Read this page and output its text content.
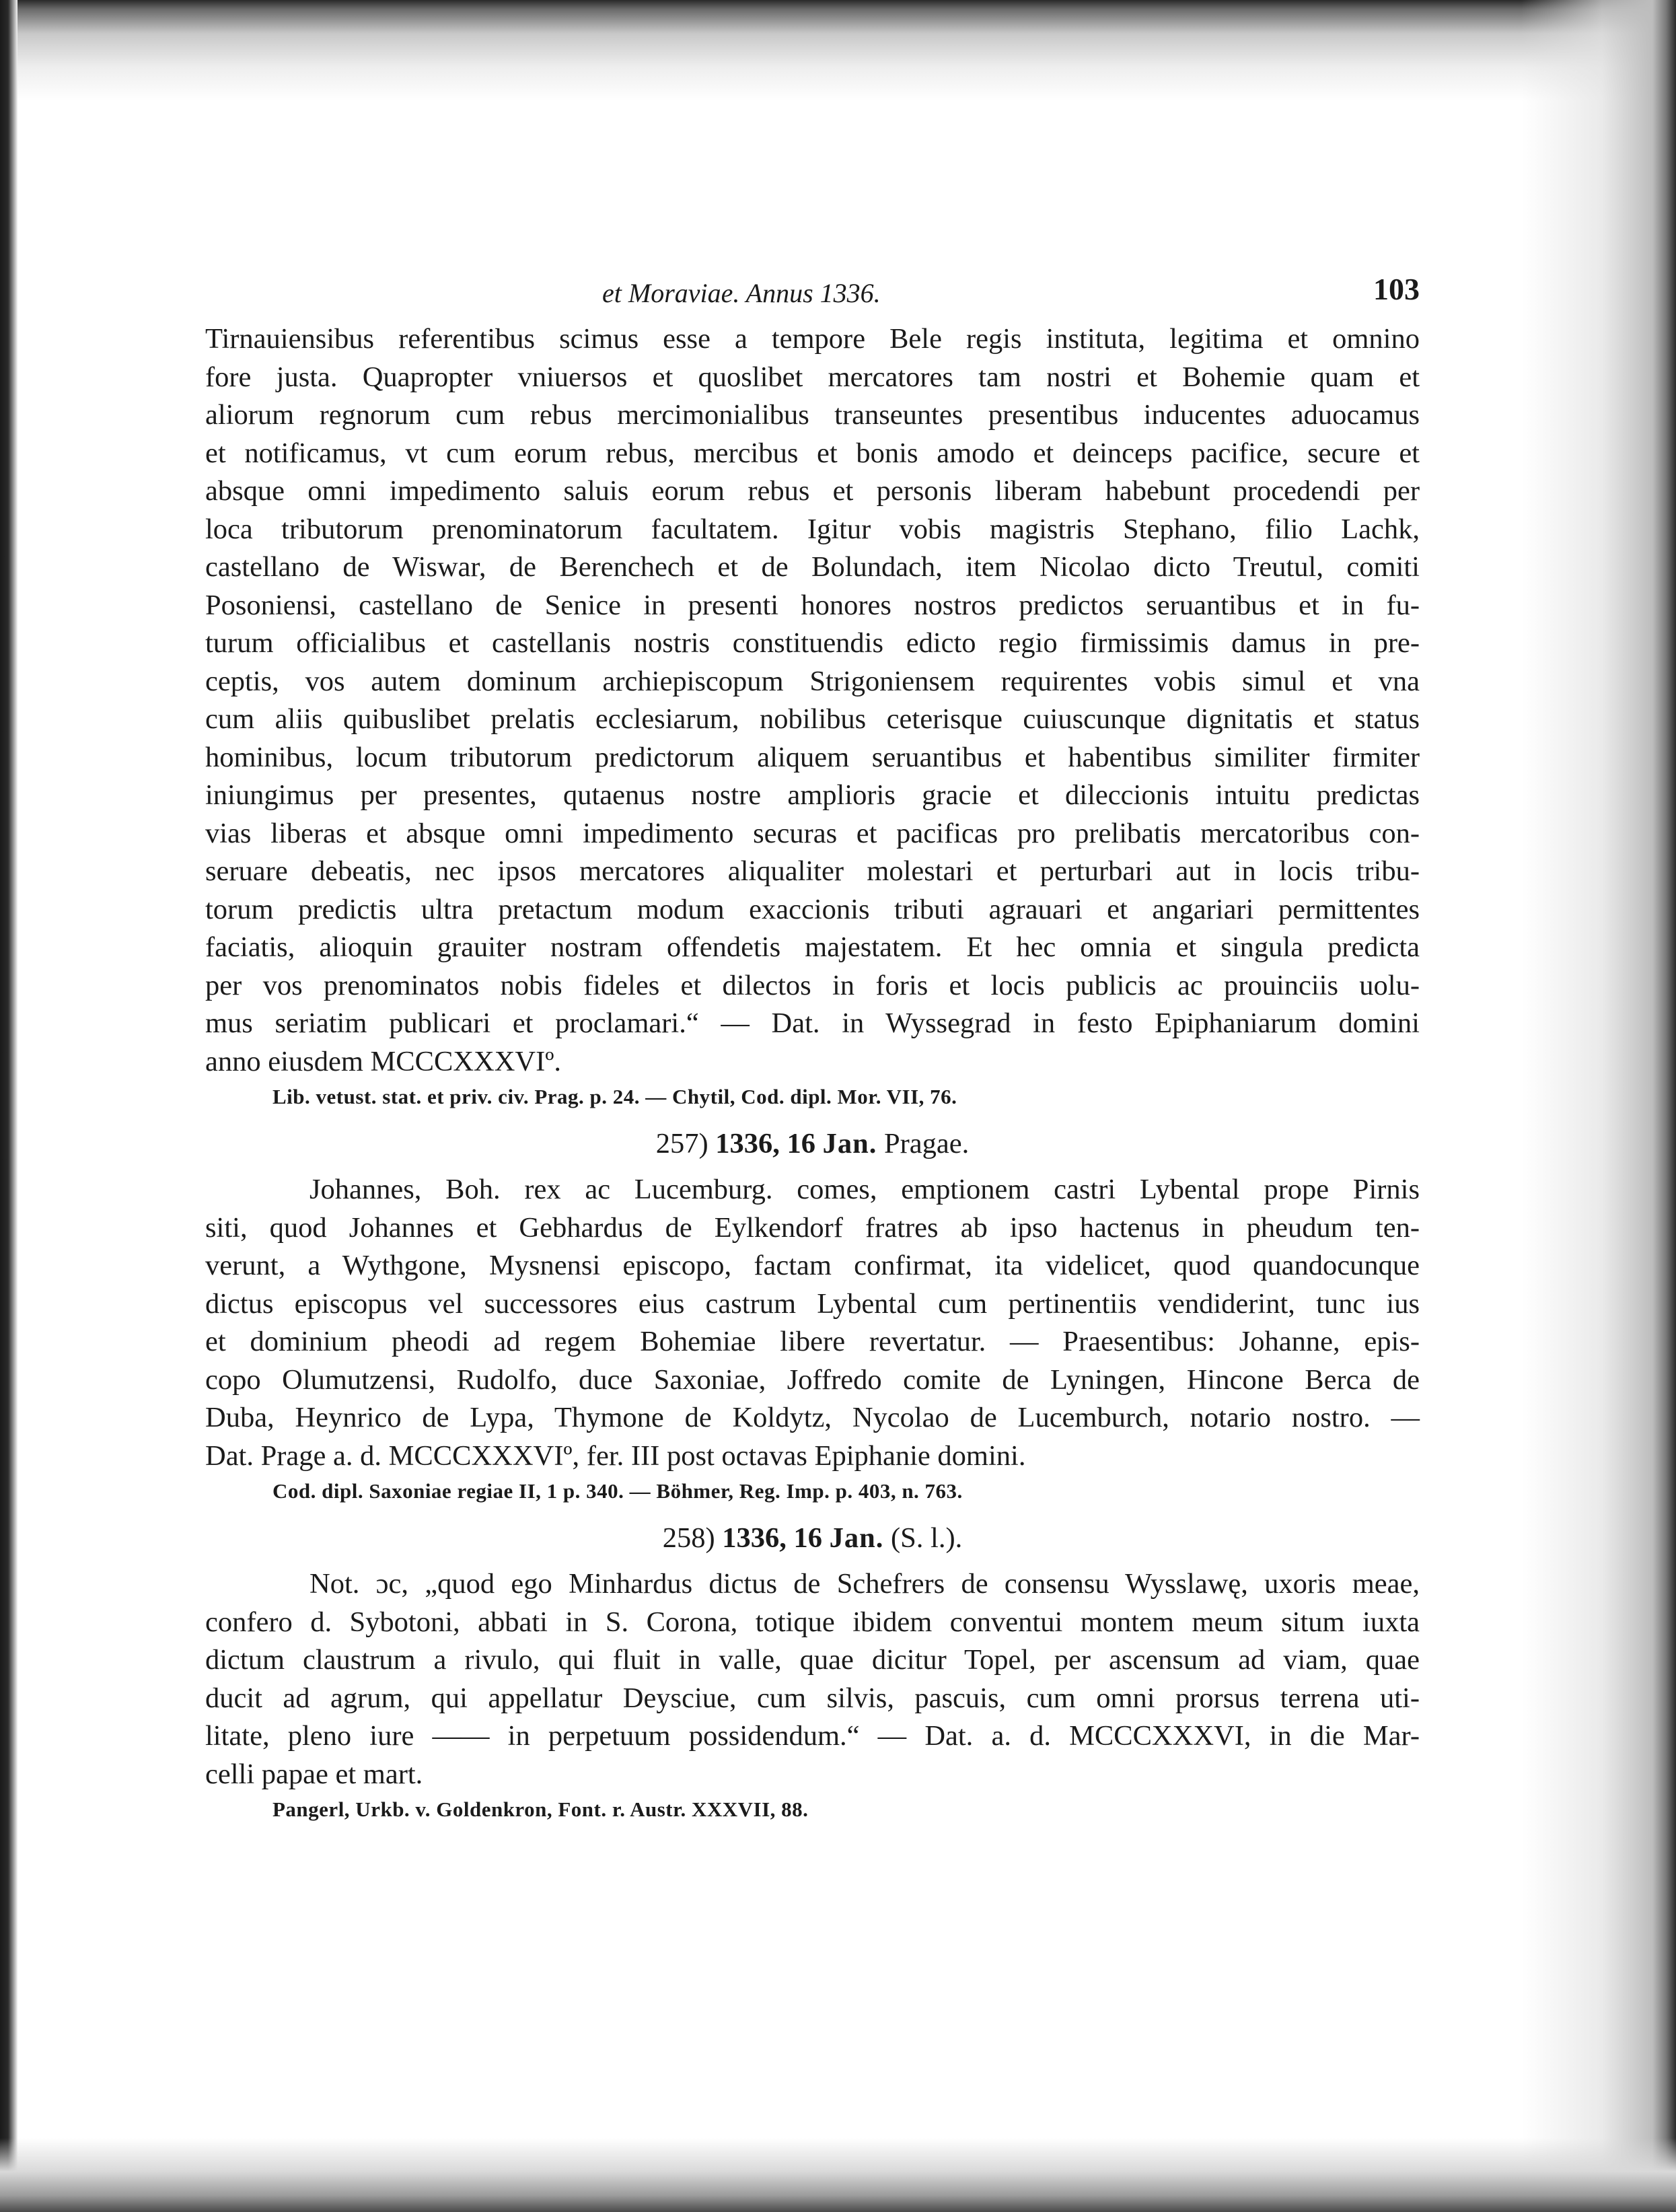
et Moraviae. Annus 1336.	103
Tirnauiensibus referentibus scimus esse a tempore Bele regis instituta, legitima et omnino
fore justa. Quapropter vniuersos et quoslibet mercatores tam nostri et Bohemie quam et
aliorum regnorum cum rebus mercimonialibus transeuntes presentibus inducentes aduocamus
et notificamus, vt cum eorum rebus, mercibus et bonis amodo et deinceps pacifice, secure et
absque omni impedimento saluis eorum rebus et personis liberam habebunt procedendi per
loca tributorum prenominatorum facultatem. Igitur vobis magistris Stephano, filio Lachk,
castellano de Wiswar, de Berenchech et de Bolundach, item Nicolao dicto Treutul, comiti
Posoniensi, castellano de Senice in presenti honores nostros predictos seruantibus et in fu-
turum officialibus et castellanis nostris constituendis edicto regio firmissimis damus in pre-
ceptis, vos autem dominum archiepiscopum Strigoniensem requirentes vobis simul et vna
cum aliis quibuslibet prelatis ecclesiarum, nobilibus ceterisque cuiuscunque dignitatis et status
hominibus, locum tributorum predictorum aliquem seruantibus et habentibus similiter firmiter
iniungimus per presentes, qutaenus nostre amplioris gracie et dileccionis intuitu predictas
vias liberas et absque omni impedimento securas et pacificas pro prelibatis mercatoribus con-
seruare debeatis, nec ipsos mercatores aliqualiter molestari et perturbari aut in locis tribu-
torum predictis ultra pretactum modum exaccionis tributi agrauari et angariari permittentes
faciatis, alioquin grauiter nostram offendetis majestatem. Et hec omnia et singula predicta
per vos prenominatos nobis fideles et dilectos in foris et locis publicis ac prouinciis uolu-
mus seriatim publicari et proclamari.“ — Dat. in Wyssegrad in festo Epiphaniarum domini
anno eiusdem MCCCXXXVIº.
Lib. vetust. stat. et priv. civ. Prag. p. 24. — Chytil, Cod. dipl. Mor. VII, 76.
257) 1336, 16 Jan. Pragae.
Johannes, Boh. rex ac Lucemburg. comes, emptionem castri Lybental prope Pirnis
siti, quod Johannes et Gebhardus de Eylkendorf fratres ab ipso hactenus in pheudum ten-
verunt, a Wythgone, Mysnensi episcopo, factam confirmat, ita videlicet, quod quandocunque
dictus episcopus vel successores eius castrum Lybental cum pertinentiis vendiderint, tunc ius
et dominium pheodi ad regem Bohemiae libere revertatur. — Praesentibus: Johanne, epis-
copo Olumutzensi, Rudolfo, duce Saxoniae, Joffredo comite de Lyningen, Hincone Berca de
Duba, Heynrico de Lypa, Thymone de Koldytz, Nycolao de Lucemburch, notario nostro. —
Dat. Prage a. d. MCCCXXXVIº, fer. III post octavas Epiphanie domini.
Cod. dipl. Saxoniae regiae II, 1 p. 340. — Böhmer, Reg. Imp. p. 403, n. 763.
258) 1336, 16 Jan. (S. l.).
Not. ɔc, „quod ego Minhardus dictus de Schefrers de consensu Wysslawę, uxoris meae,
confero d. Sybotoni, abbati in S. Corona, totique ibidem conventui montem meum situm iuxta
dictum claustrum a rivulo, qui fluit in valle, quae dicitur Topel, per ascensum ad viam, quae
ducit ad agrum, qui appellatur Deysciue, cum silvis, pascuis, cum omni prorsus terrena uti-
litate, pleno iure —— in perpetuum possidendum.“ — Dat. a. d. MCCCXXXVI, in die Mar-
celli papae et mart.
Pangerl, Urkb. v. Goldenkron, Font. r. Austr. XXXVII, 88.
